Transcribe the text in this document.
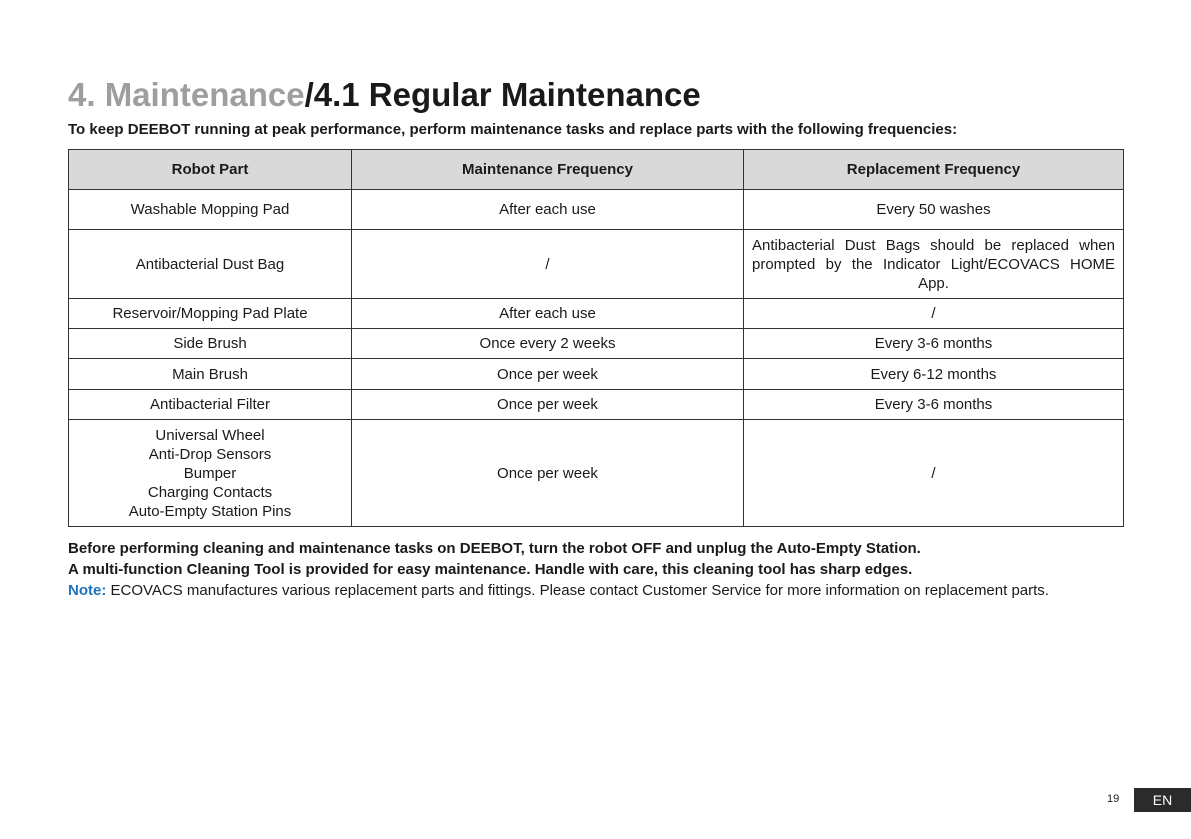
4. Maintenance/4.1 Regular Maintenance
To keep DEEBOT running at peak performance, perform maintenance tasks and replace parts with the following frequencies:
Robot Part	Maintenance Frequency	Replacement Frequency
Washable Mopping Pad	After each use	Every 50 washes
Antibacterial Dust Bag	/	Antibacterial Dust Bags should be replaced when prompted by the Indicator Light/ECOVACS HOME App.
Reservoir/Mopping Pad Plate	After each use	/
Side Brush	Once every 2 weeks	Every 3-6 months
Main Brush	Once per week	Every 6-12 months
Antibacterial Filter	Once per week	Every 3-6 months

Universal Wheel
Anti-Drop Sensors
Bumper
Charging Contacts
Auto-Empty Station Pins	Once per week	/

Before performing cleaning and maintenance tasks on DEEBOT, turn the robot OFF and unplug the Auto-Empty Station.

A multi-function Cleaning Tool is provided for easy maintenance. Handle with care, this cleaning tool has sharp edges.

Note: ECOVACS manufactures various replacement parts and fittings. Please contact Customer Service for more information on replacement parts.

19	EN
